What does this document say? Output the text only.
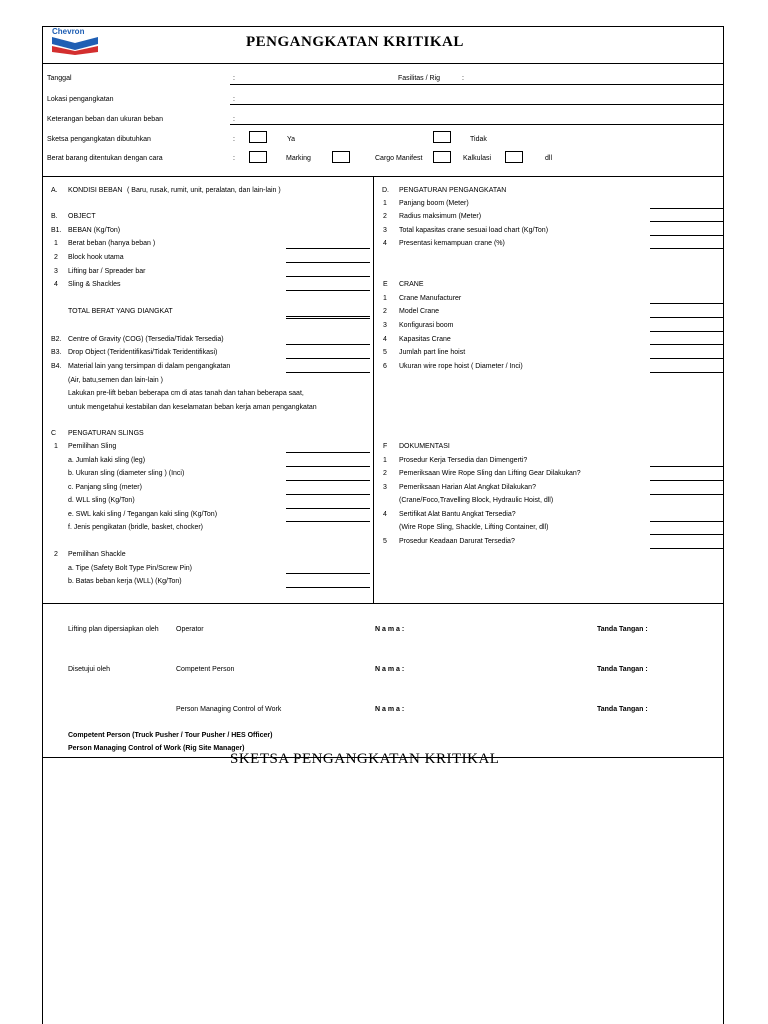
Chevron
PENGANGKATAN KRITIKAL
Tanggal	:	Fasilitas / Rig	:
Lokasi pengangkatan	:
Keterangan beban dan ukuran beban	:
Sketsa pengangkatan dibutuhkan	:	Ya	Tidak
Berat barang ditentukan dengan cara	:	Marking	Cargo Manifest	Kalkulasi	dll
A. KONDISI BEBAN ( Baru, rusak, rumit, unit, peralatan, dan lain-lain )
B. OBJECT
B1. BEBAN (Kg/Ton)
1 Berat beban (hanya beban )
2 Block hook utama
3 Lifting bar / Spreader bar
4 Sling & Shackles
TOTAL BERAT YANG DIANGKAT
B2. Centre of Gravity (COG) (Tersedia/Tidak Tersedia)
B3. Drop Object (Teridentifikasi/Tidak Teridentifikasi)
B4. Material lain yang tersimpan di dalam pengangkatan
(Air, batu,semen dan lain-lain )
Lakukan pre-lift beban beberapa cm di atas tanah dan tahan beberapa saat,
untuk mengetahui kestabilan dan keselamatan beban kerja aman pengangkatan
C PENGATURAN SLINGS
1 Pemilihan Sling
a. Jumlah kaki sling (leg)
b. Ukuran sling (diameter sling ) (Inci)
c. Panjang sling (meter)
d. WLL sling (Kg/Ton)
e. SWL kaki sling / Tegangan kaki sling (Kg/Ton)
f. Jenis pengikatan (bridle, basket, chocker)
2 Pemilihan Shackle
a. Tipe (Safety Bolt Type Pin/Screw Pin)
b. Batas beban kerja (WLL) (Kg/Ton)
D. PENGATURAN PENGANGKATAN
1 Panjang boom (Meter)
2 Radius maksimum (Meter)
3 Total kapasitas crane sesuai load chart (Kg/Ton)
4 Presentasi kemampuan crane (%)
E CRANE
1 Crane Manufacturer
2 Model Crane
3 Konfigurasi boom
4 Kapasitas Crane
5 Jumlah part line hoist
6 Ukuran wire rope hoist ( Diameter / Inci)
F DOKUMENTASI
1 Prosedur Kerja Tersedia dan Dimengerti?
2 Pemeriksaan Wire Rope Sling dan Lifting Gear Dilakukan?
3 Pemeriksaan Harian Alat Angkat Dilakukan?
(Crane/Foco,Travelling Block, Hydraulic Hoist, dll)
4 Sertifikat Alat Bantu Angkat Tersedia?
(Wire Rope Sling, Shackle, Lifting Container, dll)
5 Prosedur Keadaan Darurat Tersedia?
Lifting plan dipersiapkan oleh Operator	N a m a :	Tanda Tangan :
Disetujui oleh	Competent Person	N a m a :	Tanda Tangan :
Person Managing Control of Work	N a m a :	Tanda Tangan :
Competent Person (Truck Pusher / Tour Pusher / HES Officer)
Person Managing Control of Work (Rig Site Manager)
SKETSA PENGANGKATAN KRITIKAL
